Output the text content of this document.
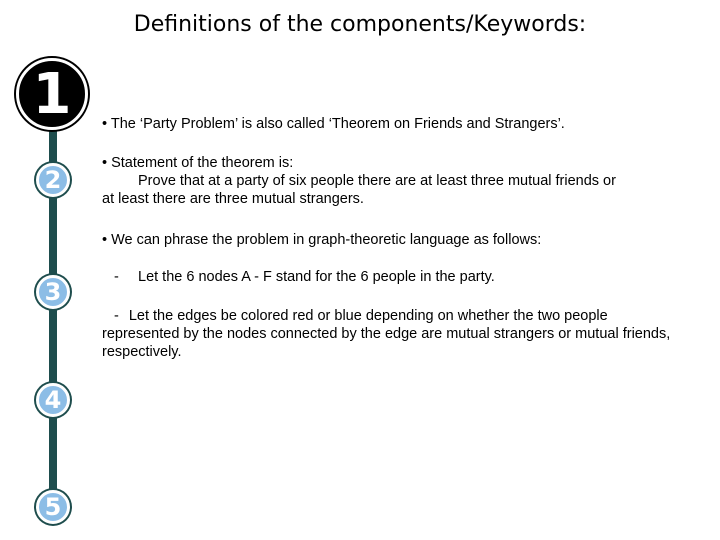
Definitions of the components/Keywords:
1
2
3
4
5

• The ‘Party Problem’ is also called ‘Theorem on Friends and Strangers’.

• Statement of the theorem is:
Prove that at a party of six people there are at least three mutual friends or
at least there are three mutual strangers.

• We can phrase the problem in graph-theoretic language as follows:

- Let the 6 nodes A - F stand for the 6 people in the party.

- Let the edges be colored red or blue depending on whether the two people represented by the nodes connected by the edge are mutual strangers or mutual friends, respectively.
